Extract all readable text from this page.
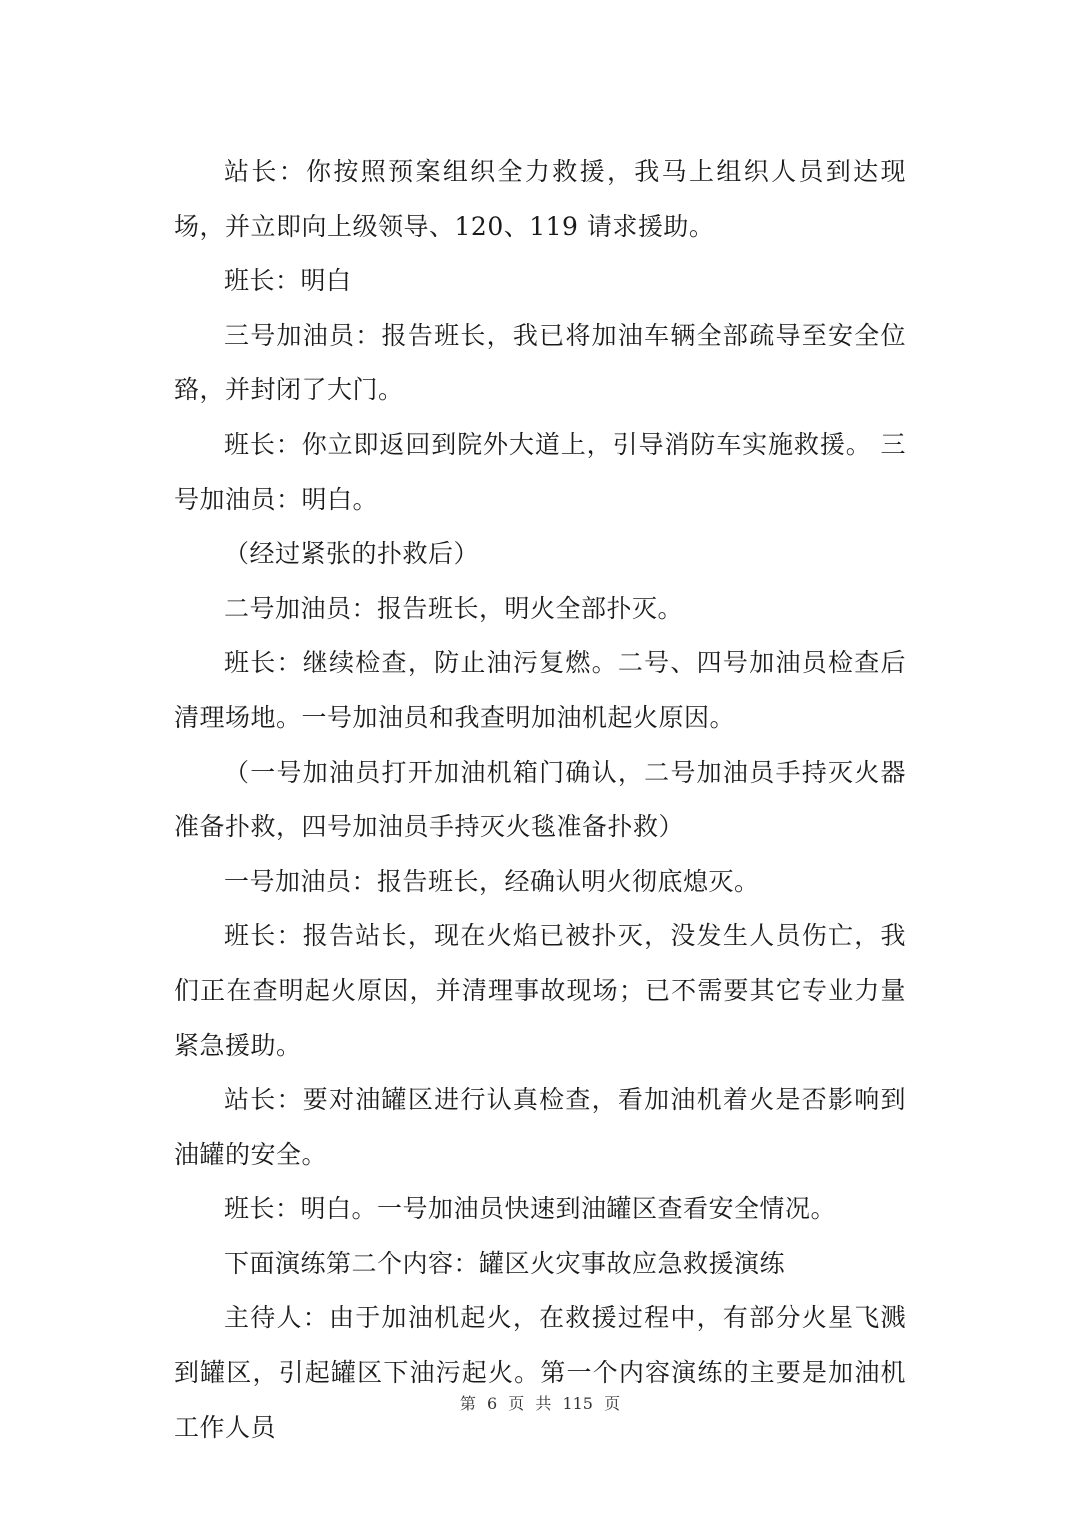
站长：你按照预案组织全力救援，我马上组织人员到达现场，并立即向上级领导、120、119 请求援助。

班长：明白

三号加油员：报告班长，我已将加油车辆全部疏导至安全位臵，并封闭了大门。

班长：你立即返回到院外大道上，引导消防车实施救援。 三号加油员：明白。

（经过紧张的扑救后）

二号加油员：报告班长，明火全部扑灭。

班长：继续检查，防止油污复燃。二号、四号加油员检查后清理场地。一号加油员和我查明加油机起火原因。

（一号加油员打开加油机箱门确认，二号加油员手持灭火器准备扑救，四号加油员手持灭火毯准备扑救）

一号加油员：报告班长，经确认明火彻底熄灭。

班长：报告站长，现在火焰已被扑灭，没发生人员伤亡，我们正在查明起火原因，并清理事故现场；已不需要其它专业力量紧急援助。

站长：要对油罐区进行认真检查，看加油机着火是否影响到油罐的安全。

班长：明白。一号加油员快速到油罐区查看安全情况。

下面演练第二个内容：罐区火灾事故应急救援演练

主待人：由于加油机起火，在救援过程中，有部分火星飞溅到罐区，引起罐区下油污起火。第一个内容演练的主要是加油机工作人员

第 6 页 共 115 页
